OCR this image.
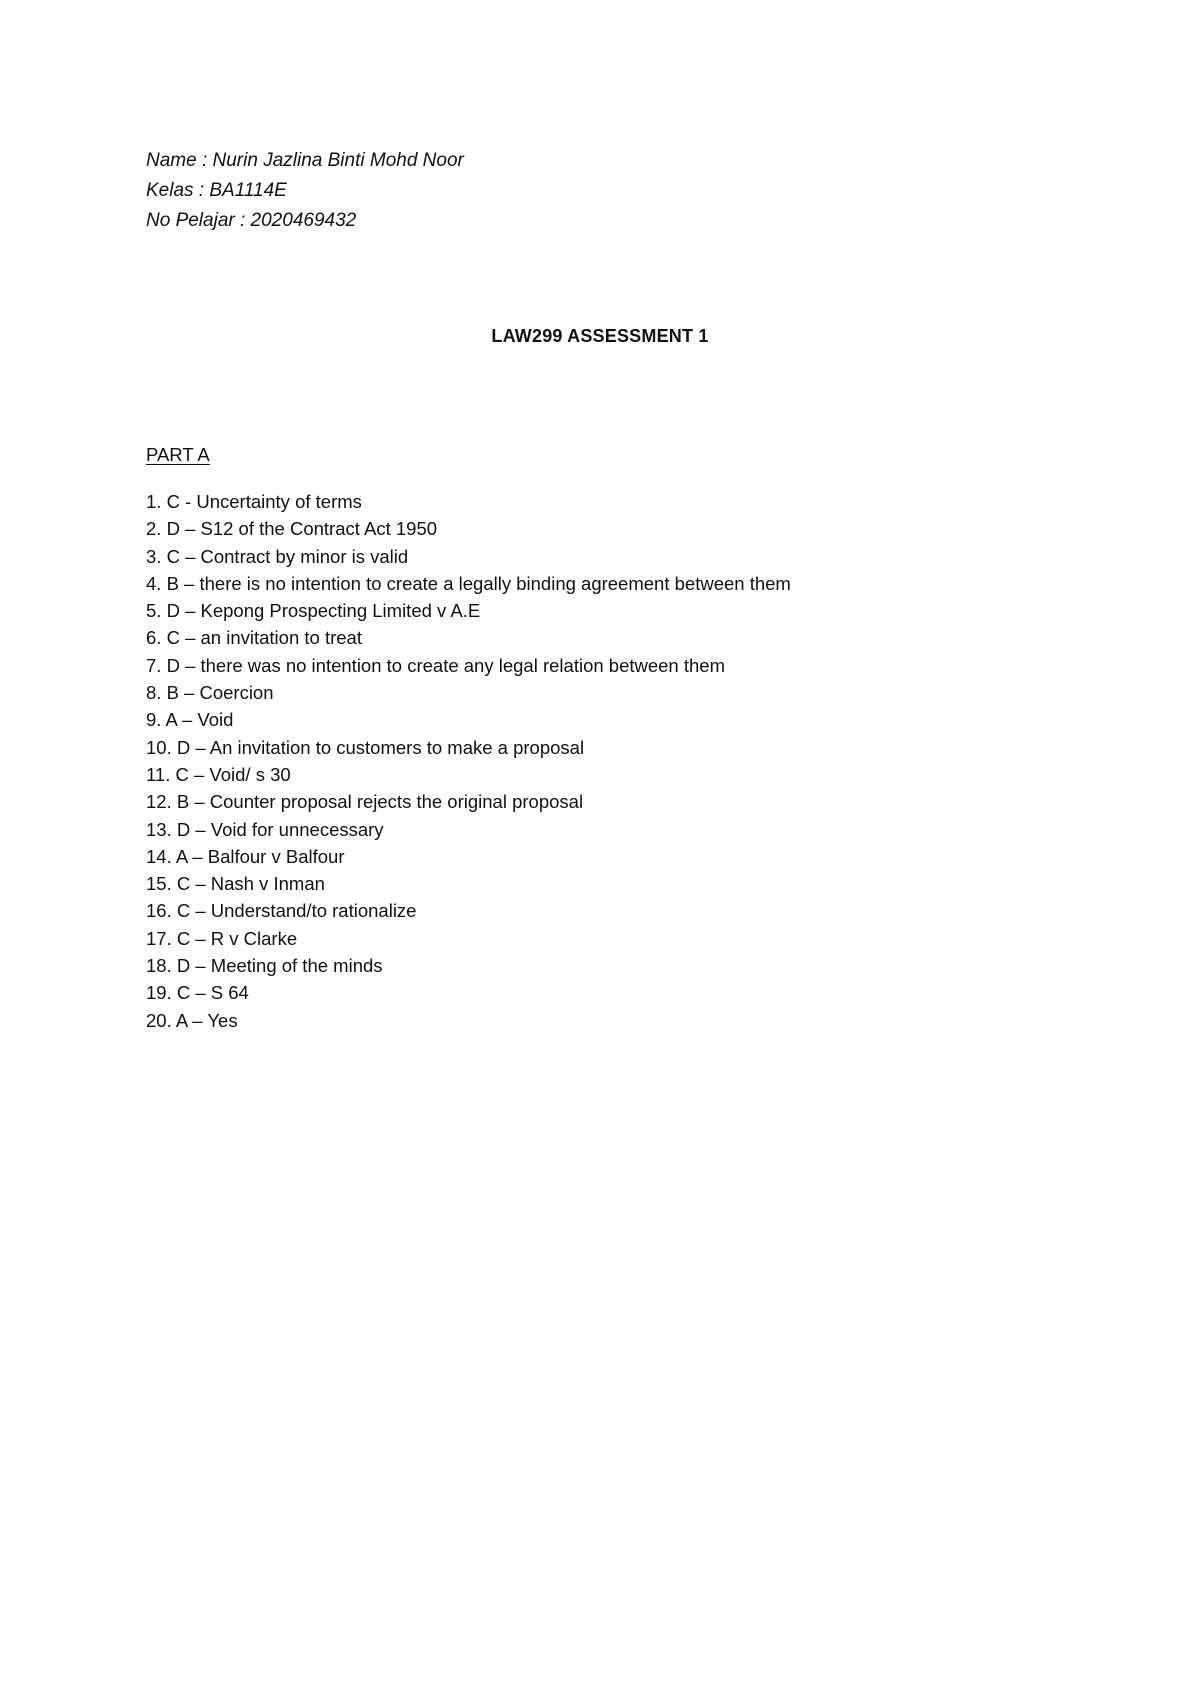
Name : Nurin Jazlina Binti Mohd Noor
Kelas : BA1114E
No Pelajar : 2020469432
LAW299 ASSESSMENT 1
PART A
1. C - Uncertainty of terms
2. D – S12 of the Contract Act 1950
3. C – Contract by minor is valid
4. B – there is no intention to create a legally binding agreement between them
5. D – Kepong Prospecting Limited v A.E
6. C – an invitation to treat
7. D – there was no intention to create any legal relation between them
8. B – Coercion
9. A – Void
10. D – An invitation to customers to make a proposal
11. C – Void/ s 30
12. B – Counter proposal rejects the original proposal
13. D – Void for unnecessary
14. A – Balfour v Balfour
15. C – Nash v Inman
16. C – Understand/to rationalize
17. C – R v Clarke
18. D – Meeting of the minds
19. C – S 64
20. A – Yes
